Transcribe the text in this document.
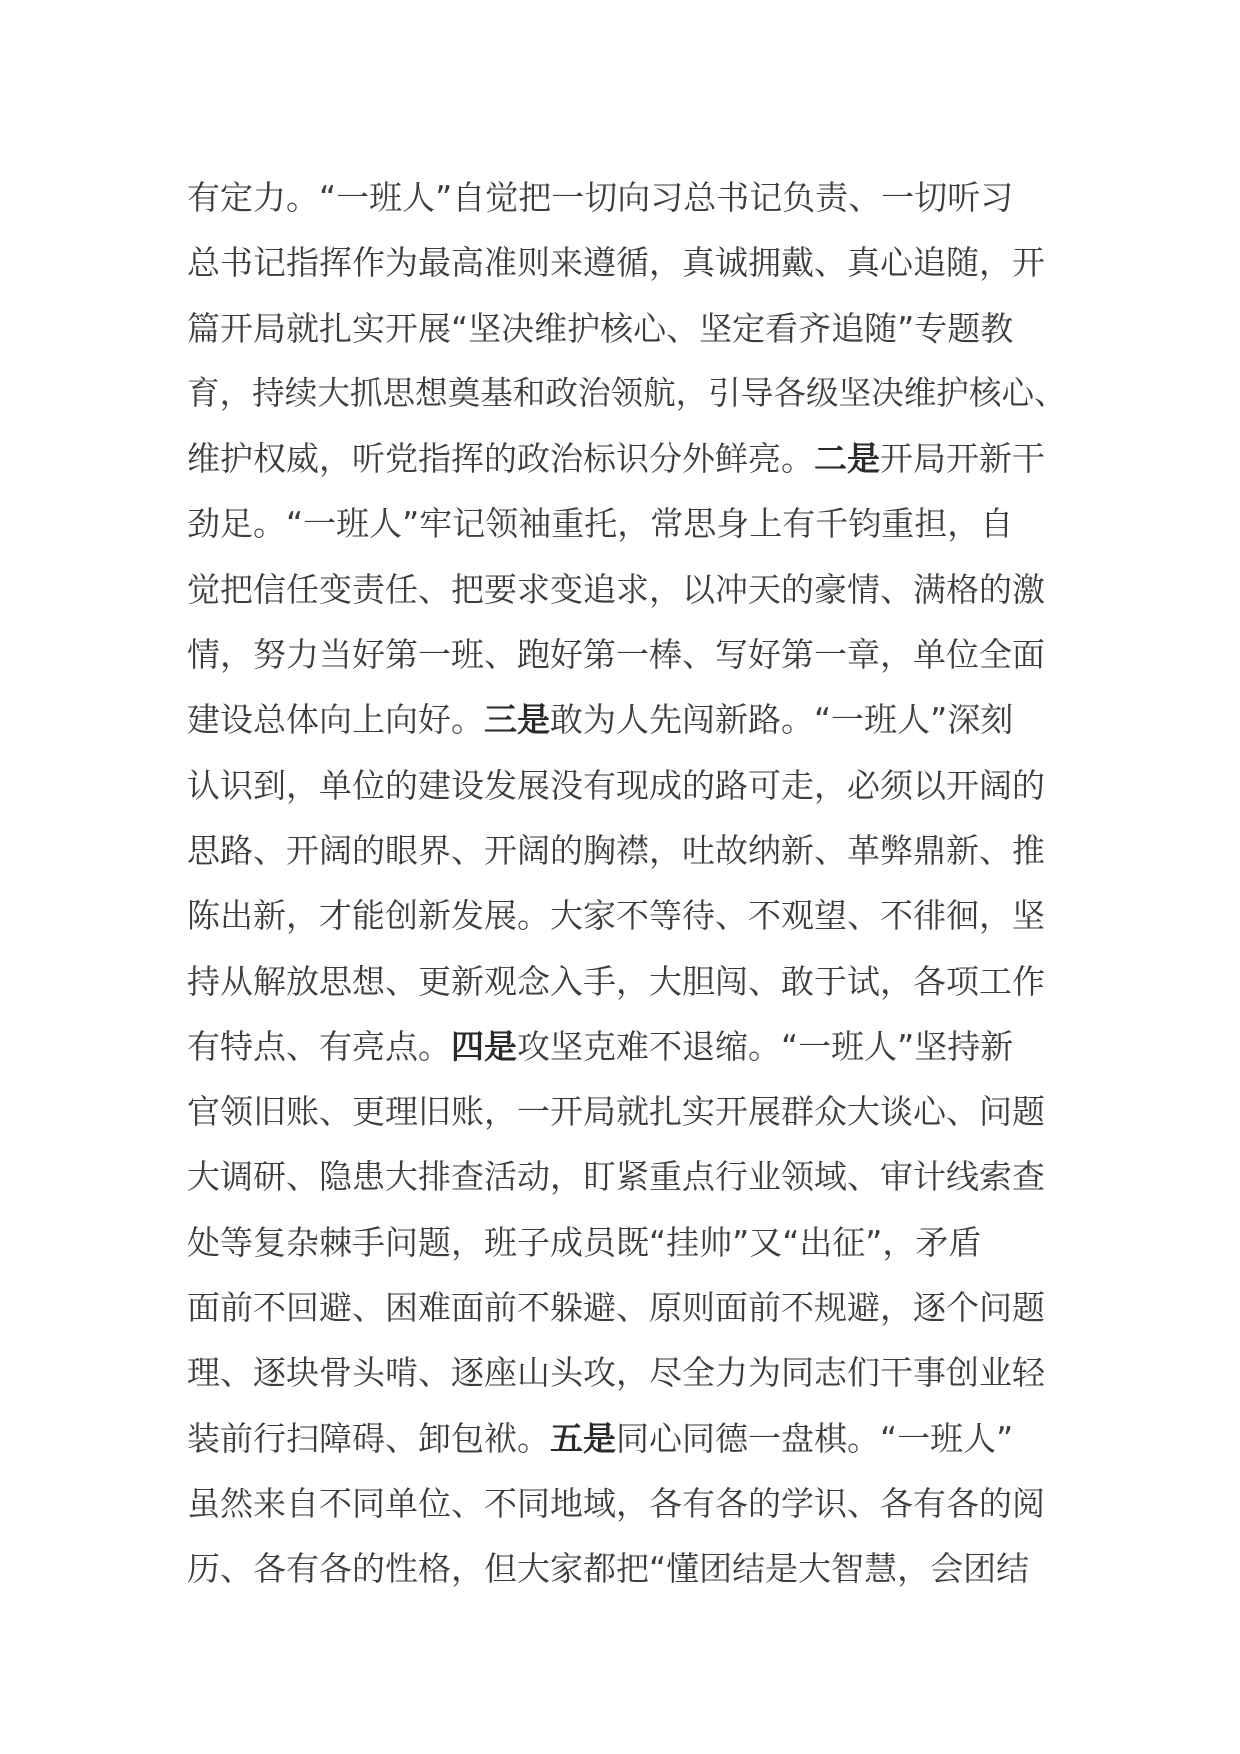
有定力。“一班人”自觉把一切向习总书记负责、一切听习
总书记指挥作为最高准则来遵循，真诚拥戴、真心追随，开
篇开局就扎实开展“坚决维护核心、坚定看齐追随”专题教
育，持续大抓思想奠基和政治领航，引导各级坚决维护核心、
维护权威，听党指挥的政治标识分外鲜亮。二是开局开新干
劲足。“一班人”牢记领袖重托，常思身上有千钧重担，自
觉把信任变责任、把要求变追求，以冲天的豪情、满格的激
情，努力当好第一班、跑好第一棒、写好第一章，单位全面
建设总体向上向好。三是敢为人先闯新路。“一班人”深刻
认识到，单位的建设发展没有现成的路可走，必须以开阔的
思路、开阔的眼界、开阔的胸襟，吐故纳新、革弊鼎新、推
陈出新，才能创新发展。大家不等待、不观望、不徘徊，坚
持从解放思想、更新观念入手，大胆闯、敢于试，各项工作
有特点、有亮点。四是攻坚克难不退缩。“一班人”坚持新
官领旧账、更理旧账，一开局就扎实开展群众大谈心、问题
大调研、隐患大排查活动，盯紧重点行业领域、审计线索查
处等复杂棘手问题，班子成员既“挂帅”又“出征”，矛盾
面前不回避、困难面前不躲避、原则面前不规避，逐个问题
理、逐块骨头啃、逐座山头攻，尽全力为同志们干事创业轻
装前行扫障碍、卸包袱。五是同心同德一盘棋。“一班人”
虽然来自不同单位、不同地域，各有各的学识、各有各的阅
历、各有各的性格，但大家都把“懂团结是大智慧，会团结
